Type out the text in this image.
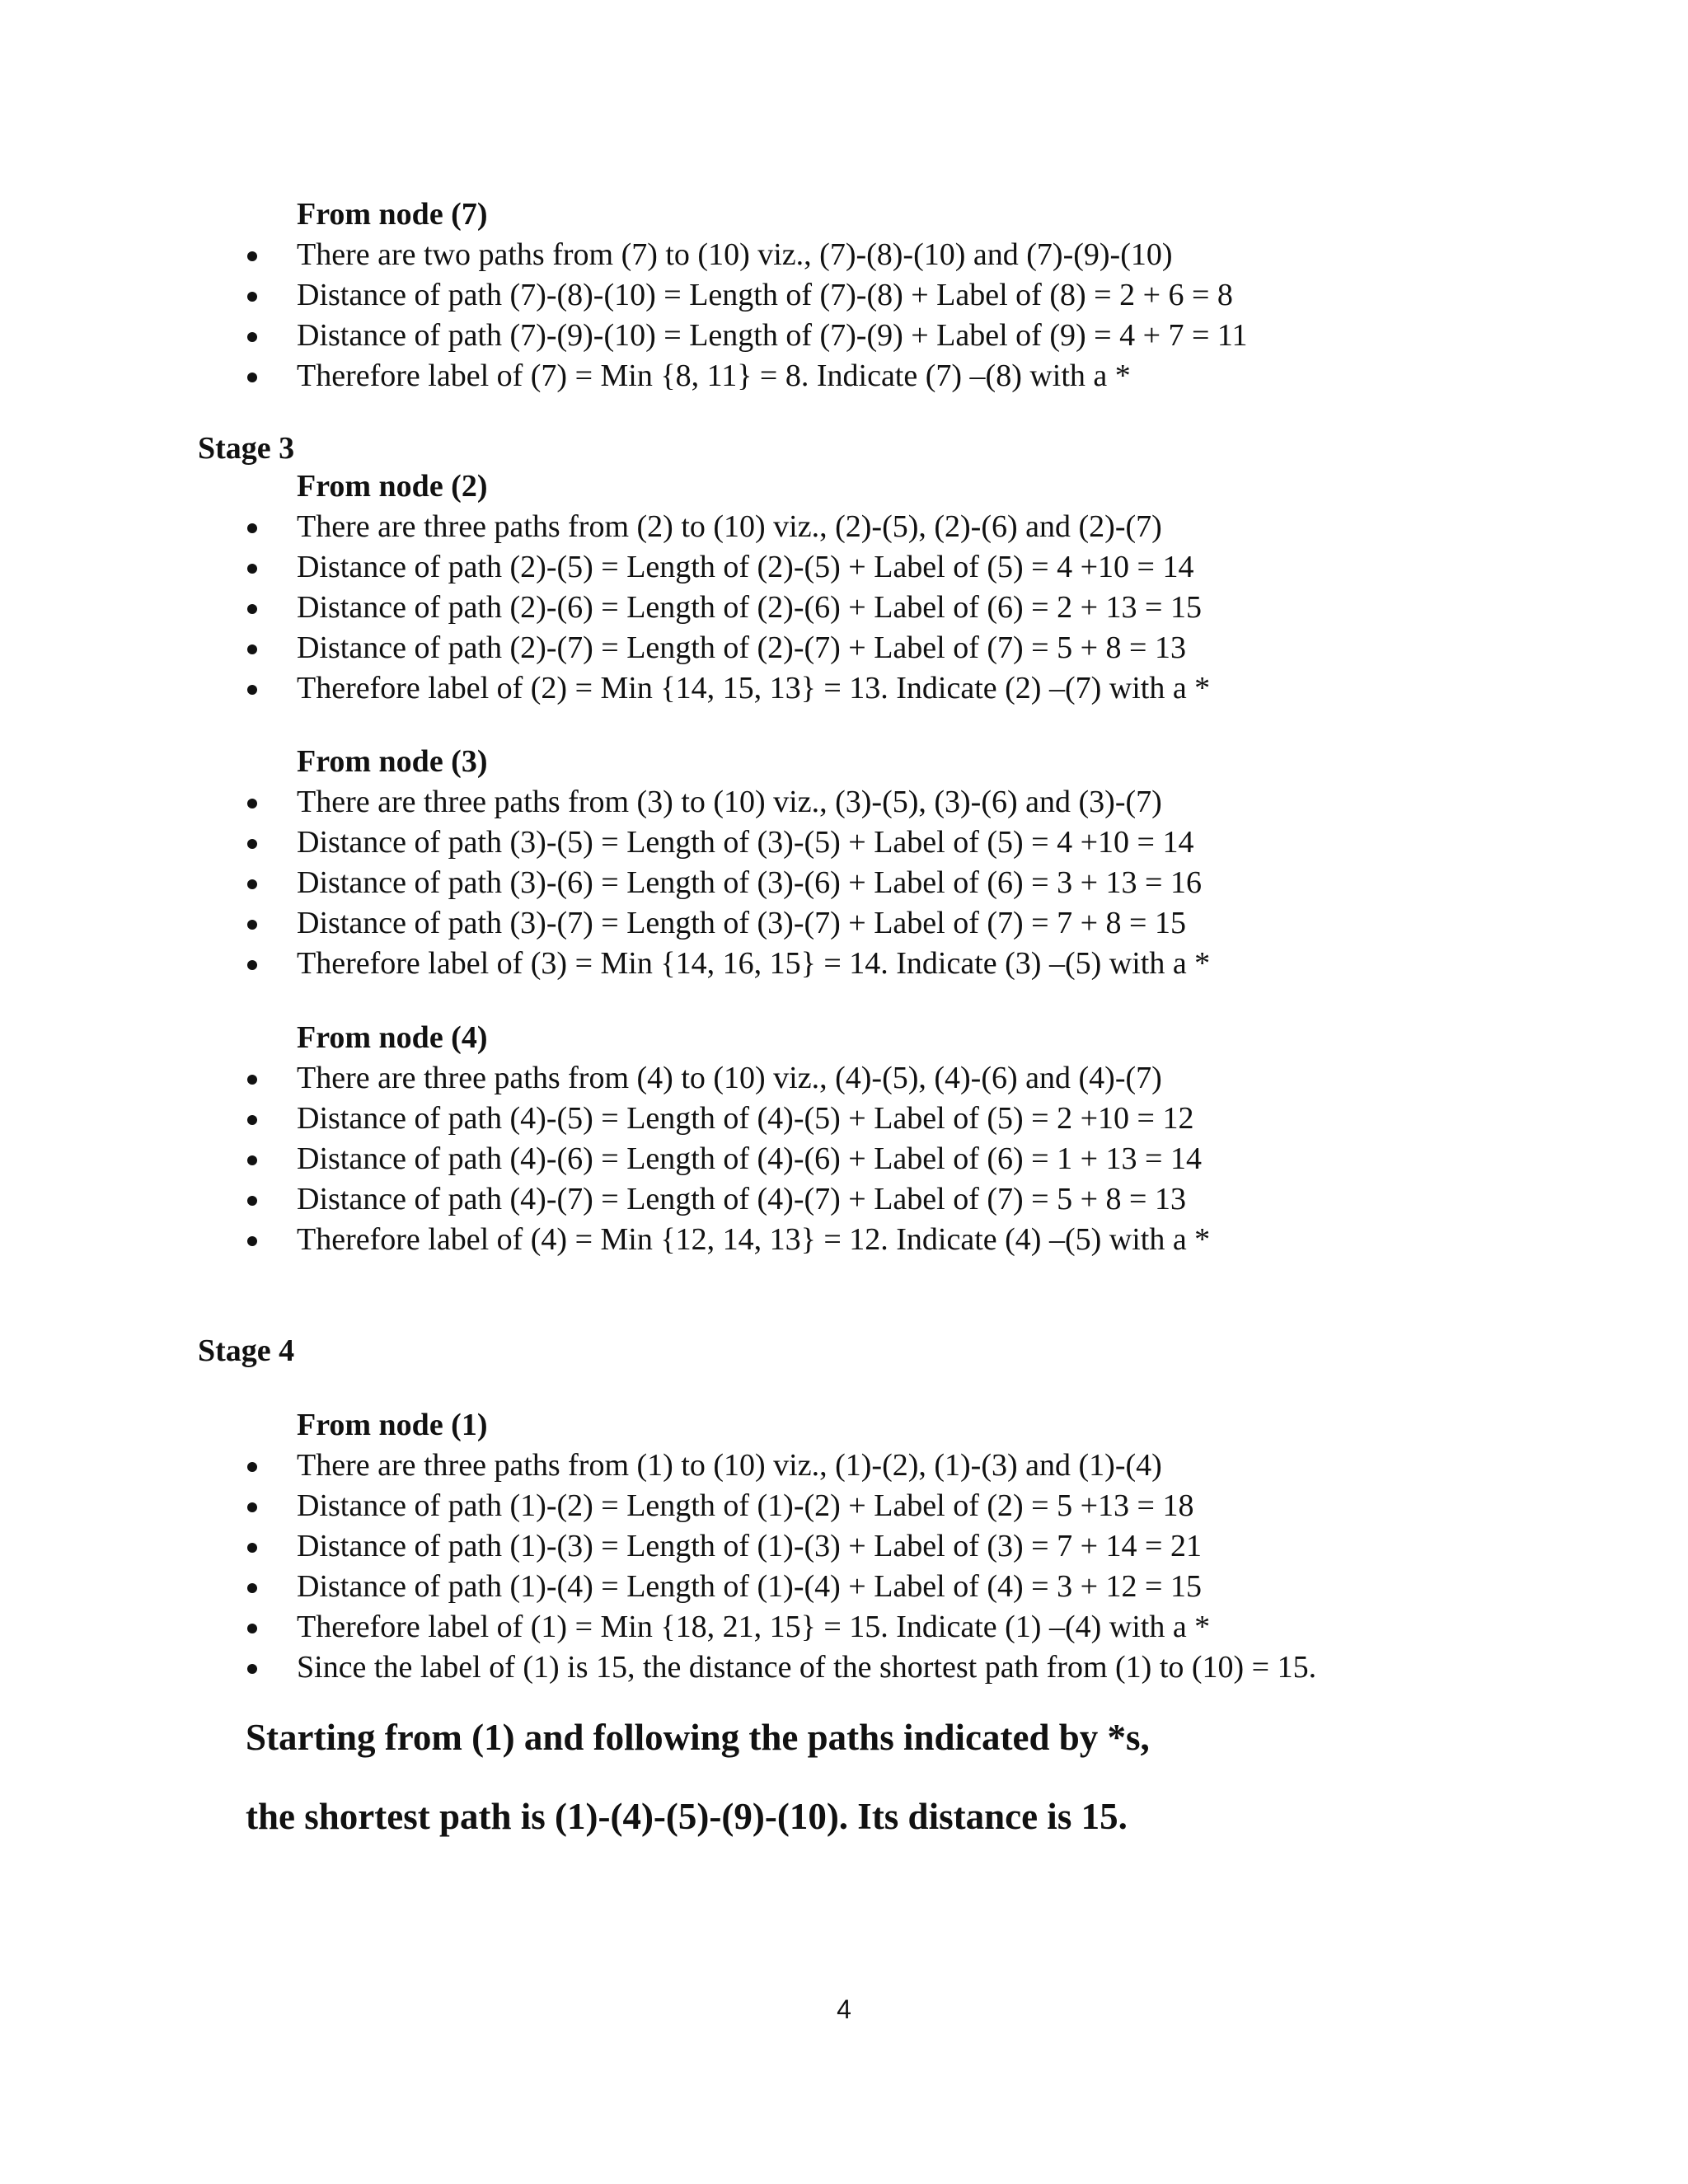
From node (7)
There are two paths from (7) to (10) viz., (7)-(8)-(10) and (7)-(9)-(10)
Distance of path (7)-(8)-(10) = Length of (7)-(8) + Label of (8) = 2 + 6 = 8
Distance of path (7)-(9)-(10) = Length of (7)-(9) + Label of (9) = 4 + 7 = 11
Therefore label of (7) = Min {8, 11} = 8. Indicate (7) –(8) with a *
Stage 3
From node (2)
There are three paths from (2) to (10) viz., (2)-(5), (2)-(6) and (2)-(7)
Distance of path (2)-(5) = Length of (2)-(5) + Label of (5) = 4 +10 = 14
Distance of path (2)-(6) = Length of (2)-(6) + Label of (6) = 2 + 13 = 15
Distance of path (2)-(7) = Length of (2)-(7) + Label of (7) = 5 + 8 = 13
Therefore label of (2) = Min {14, 15, 13} = 13. Indicate (2) –(7) with a *
From node (3)
There are three paths from (3) to (10) viz., (3)-(5), (3)-(6) and (3)-(7)
Distance of path (3)-(5) = Length of (3)-(5) + Label of (5) = 4 +10 = 14
Distance of path (3)-(6) = Length of (3)-(6) + Label of (6) = 3 + 13 = 16
Distance of path (3)-(7) = Length of (3)-(7) + Label of (7) = 7 + 8 = 15
Therefore label of (3) = Min {14, 16, 15} = 14. Indicate (3) –(5) with a *
From node (4)
There are three paths from (4) to (10) viz., (4)-(5), (4)-(6) and (4)-(7)
Distance of path (4)-(5) = Length of (4)-(5) + Label of (5) = 2 +10 = 12
Distance of path (4)-(6) = Length of (4)-(6) + Label of (6) = 1 + 13 = 14
Distance of path (4)-(7) = Length of (4)-(7) + Label of (7) = 5 + 8 = 13
Therefore label of (4) = Min {12, 14, 13} = 12. Indicate (4) –(5) with a *
Stage 4
From node (1)
There are three paths from (1) to (10) viz., (1)-(2), (1)-(3) and (1)-(4)
Distance of path (1)-(2) = Length of (1)-(2) + Label of (2) = 5 +13 = 18
Distance of path (1)-(3) = Length of (1)-(3) + Label of (3) = 7 + 14 = 21
Distance of path (1)-(4) = Length of (1)-(4) + Label of (4) = 3 + 12 = 15
Therefore label of (1) = Min {18, 21, 15} = 15. Indicate (1) –(4) with a *
Since the label of (1) is 15, the distance of the shortest path from (1) to (10) = 15.
Starting from (1) and following the paths indicated by *s,
the shortest path is (1)-(4)-(5)-(9)-(10). Its distance is 15.
4
